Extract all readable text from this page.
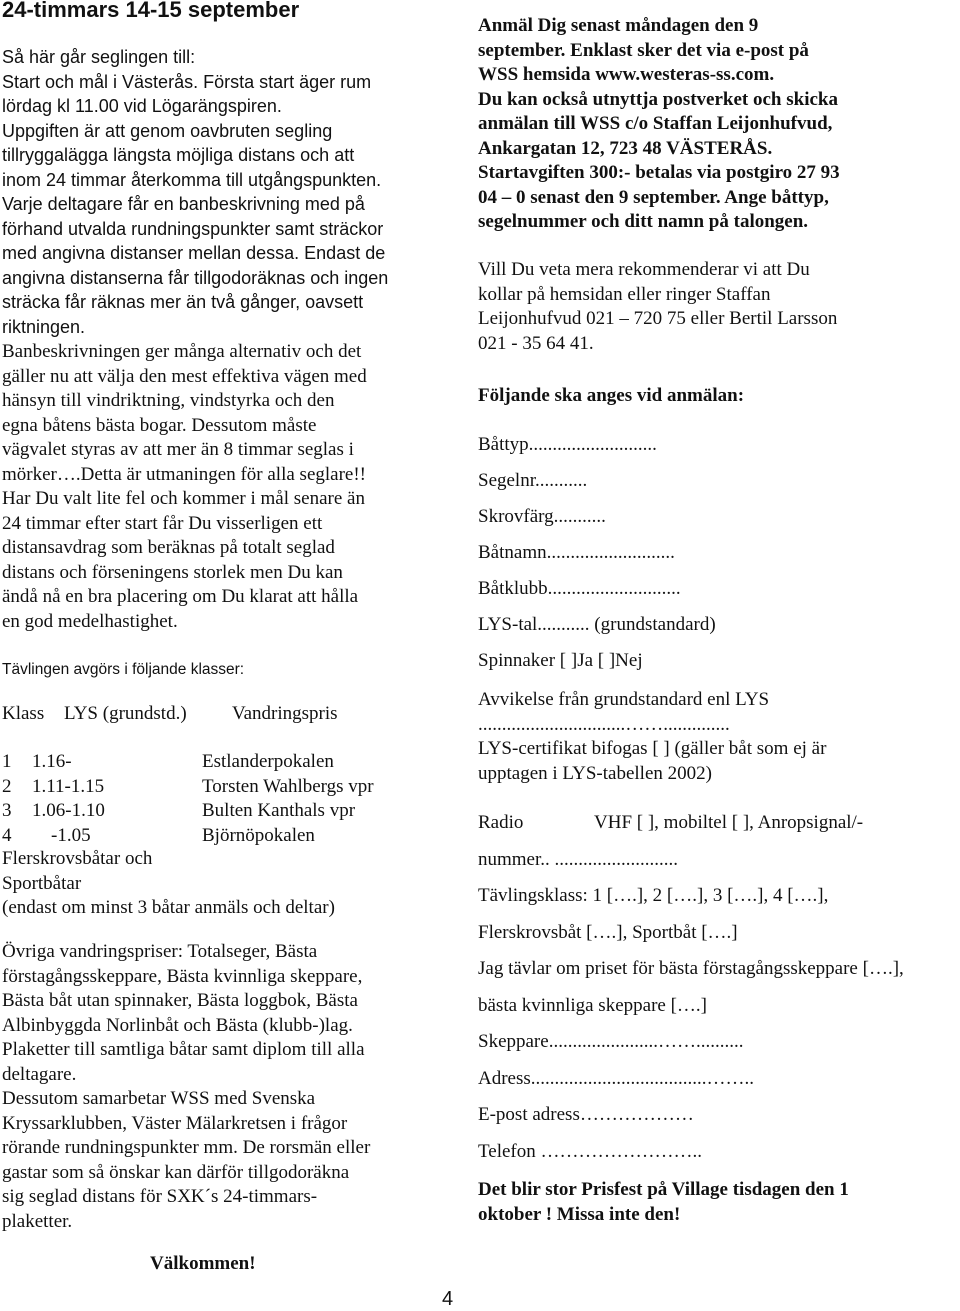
24-timmars 14-15 september
Så här går seglingen till:
Start och mål i Västerås. Första start äger rum
lördag kl 11.00 vid Lögarängspiren.
Uppgiften är att genom oavbruten segling
tillryggalägga längsta möjliga distans och att
inom 24 timmar återkomma till utgångspunkten.
Varje deltagare får en banbeskrivning med på
förhand utvalda rundningspunkter samt sträckor
med angivna distanser mellan dessa. Endast de
angivna distanserna får tillgodoräknas och ingen
sträcka får räknas mer än två gånger, oavsett
riktningen.
Banbeskrivningen ger många alternativ och det
gäller nu att välja den mest effektiva vägen med
hänsyn till vindriktning, vindstyrka och den
egna båtens bästa bogar. Dessutom måste
vägvalet styras av att mer än 8 timmar seglas i
mörker….Detta är utmaningen för alla seglare!!
Har Du valt lite fel och kommer i mål senare än
24 timmar efter start får Du visserligen ett
distansavdrag som beräknas på totalt seglad
distans och förseningens storlek men Du kan
ändå nå en bra placering om Du klarat att hålla
en god medelhastighet.
Tävlingen avgörs i följande klasser:
Klass	LYS (grundstd.)	Vandringspris
1	1.16-	Estlanderpokalen
2	1.11-1.15	Torsten Wahlbergs vpr
3	1.06-1.10	Bulten Kanthals vpr
4	-1.05	Björnöpokalen
Flerskrovsbåtar och
Sportbåtar
(endast om minst 3 båtar anmäls och deltar)
Övriga vandringspriser: Totalseger, Bästa
förstagångsskeppare, Bästa kvinnliga skeppare,
Bästa båt utan spinnaker, Bästa loggbok, Bästa
Albinbyggda Norlinbåt och Bästa (klubb-)lag.
Plaketter till samtliga båtar samt diplom till alla
deltagare.
Dessutom samarbetar WSS med Svenska
Kryssarklubben, Väster Mälarkretsen i frågor
rörande rundningspunkter mm. De rorsmän eller
gastar som så önskar kan därför tillgodoräkna
sig seglad distans för SXK´s 24-timmars-
plaketter.
Välkommen!
Anmäl Dig senast måndagen den 9
september. Enklast sker det via e-post på
WSS hemsida www.westeras-ss.com.
Du kan också utnyttja postverket och skicka
anmälan till WSS c/o Staffan Leijonhufvud,
Ankargatan 12, 723 48 VÄSTERÅS.
Startavgiften 300:- betalas via postgiro 27 93
04 – 0 senast den 9 september. Ange båttyp,
segelnummer och ditt namn på talongen.
Vill Du veta mera rekommenderar vi att Du
kollar på hemsidan eller ringer Staffan
Leijonhufvud 021 – 720 75 eller Bertil Larsson
021 - 35 64 41.
Följande ska anges vid anmälan:
Båttyp...........................
Segelnr...........
Skrovfärg...........
Båtnamn...........................
Båtklubb............................
LYS-tal........... (grundstandard)
Spinnaker [ ]Ja [ ]Nej
Avvikelse från grundstandard enl LYS
...............................……..............
LYS-certifikat bifogas [ ] (gäller båt som ej är
upptagen i LYS-tabellen 2002)
Radio	VHF [ ], mobiltel [ ], Anropsignal/-
nummer.. ..........................
Tävlingsklass: 1 [….], 2 [….], 3 [….], 4 [….],
Flerskrovsbåt [….], Sportbåt [….]
Jag tävlar om priset för bästa förstagångsskeppare [….],
bästa kvinnliga skeppare [….]
Skeppare.......................……..........
Adress.....................................……..
E-post adress………………
Telefon ……………………..
Det blir stor Prisfest på Village tisdagen den 1
oktober ! Missa inte den!
4
